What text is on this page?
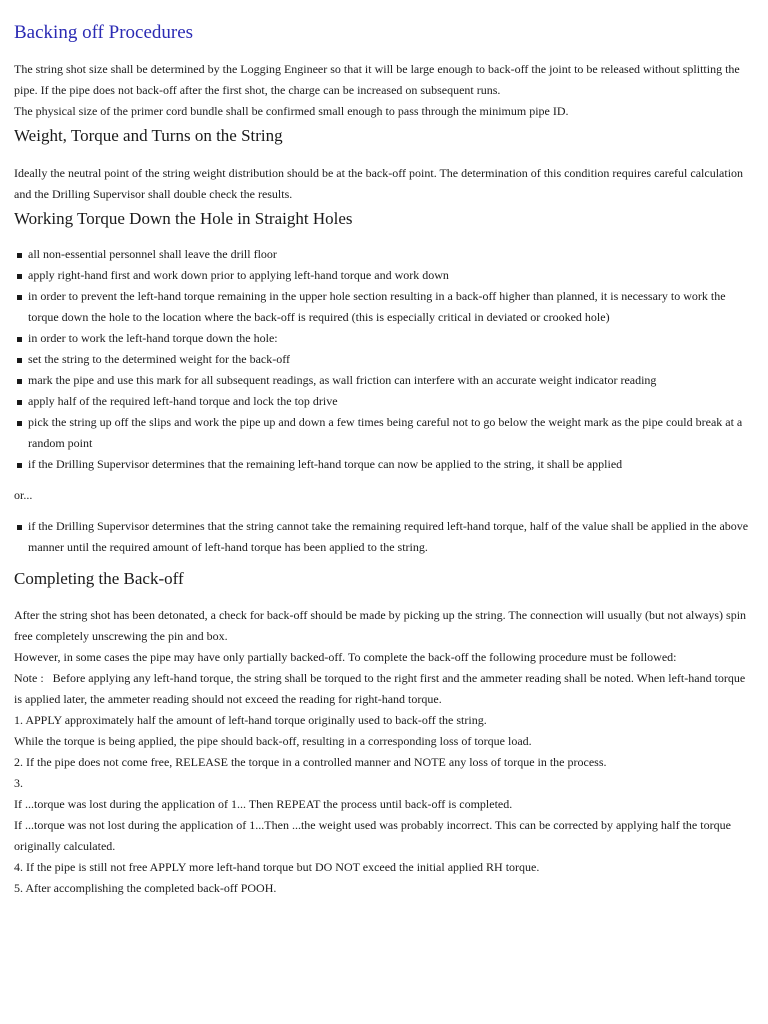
Backing off Procedures

The string shot size shall be determined by the Logging Engineer so that it will be large enough to back-off the joint to be released without splitting the pipe. If the pipe does not back-off after the first shot, the charge can be increased on subsequent runs.

The physical size of the primer cord bundle shall be confirmed small enough to pass through the minimum pipe ID.

Weight, Torque and Turns on the String

Ideally the neutral point of the string weight distribution should be at the back-off point. The determination of this condition requires careful calculation and the Drilling Supervisor shall double check the results.

Working Torque Down the Hole in Straight Holes
all non-essential personnel shall leave the drill floor
apply right-hand first and work down prior to applying left-hand torque and work down
in order to prevent the left-hand torque remaining in the upper hole section resulting in a back-off higher than planned, it is necessary to work the torque down the hole to the location where the back-off is required (this is especially critical in deviated or crooked hole)
in order to work the left-hand torque down the hole:
set the string to the determined weight for the back-off
mark the pipe and use this mark for all subsequent readings, as wall friction can interfere with an accurate weight indicator reading
apply half of the required left-hand torque and lock the top drive
pick the string up off the slips and work the pipe up and down a few times being careful not to go below the weight mark as the pipe could break at a random point
if the Drilling Supervisor determines that the remaining left-hand torque can now be applied to the string, it shall be applied
or...
if the Drilling Supervisor determines that the string cannot take the remaining required left-hand torque, half of the value shall be applied in the above manner until the required amount of left-hand torque has been applied to the string.
Completing the Back-off

After the string shot has been detonated, a check for back-off should be made by picking up the string. The connection will usually (but not always) spin free completely unscrewing the pin and box.

However, in some cases the pipe may have only partially backed-off. To complete the back-off the following procedure must be followed:

Note :   Before applying any left-hand torque, the string shall be torqued to the right first and the ammeter reading shall be noted. When left-hand torque is applied later, the ammeter reading should not exceed the reading for right-hand torque.

1. APPLY approximately half the amount of left-hand torque originally used to back-off the string.

While the torque is being applied, the pipe should back-off, resulting in a corresponding loss of torque load.

2. If the pipe does not come free, RELEASE the torque in a controlled manner and NOTE any loss of torque in the process.

3.

If ...torque was lost during the application of 1... Then REPEAT the process until back-off is completed.

If ...torque was not lost during the application of 1...Then ...the weight used was probably incorrect. This can be corrected by applying half the torque originally calculated.

4. If the pipe is still not free APPLY more left-hand torque but DO NOT exceed the initial applied RH torque.

5. After accomplishing the completed back-off POOH.
